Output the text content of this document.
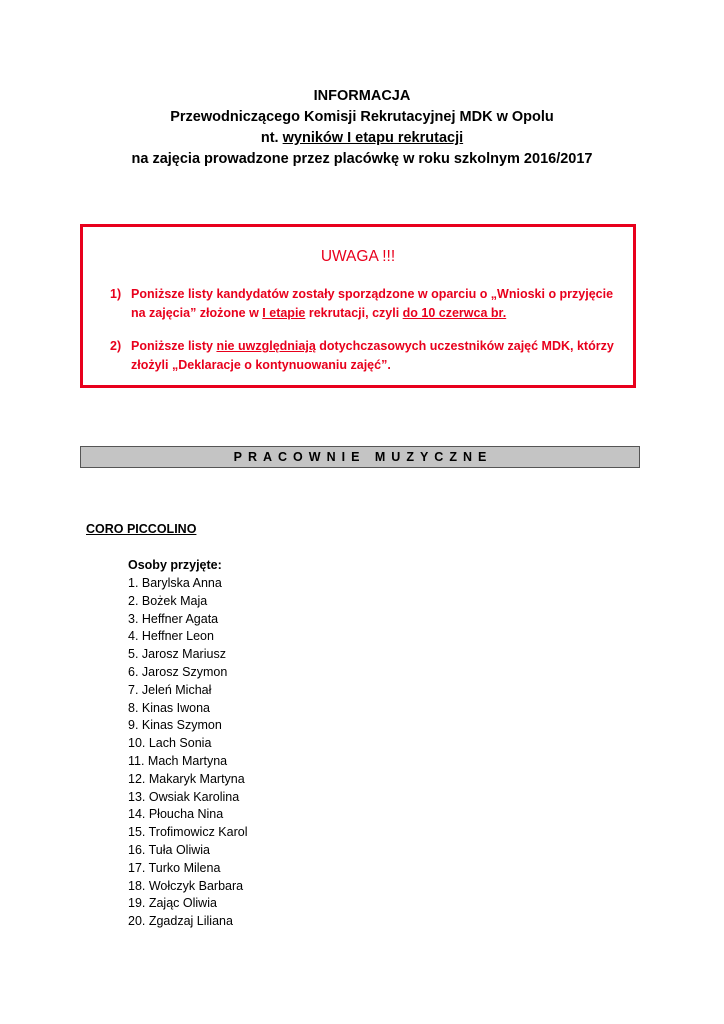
INFORMACJA
Przewodniczącego Komisji Rekrutacyjnej MDK w Opolu
nt. wyników I etapu rekrutacji
na zajęcia prowadzone przez placówkę w roku szkolnym 2016/2017
UWAGA !!!
1) Poniższe listy kandydatów zostały sporządzone w oparciu o „Wnioski o przyjęcie na zajęcia” złożone w I etapie rekrutacji, czyli do 10 czerwca br.
2) Poniższe listy nie uwzględniają dotychczasowych uczestników zajęć MDK, którzy złożyli „Deklaracje o kontynuowaniu zajęć”.
PRACOWNIE MUZYCZNE
CORO PICCOLINO
Osoby przyjęte:
1. Barylska Anna
2. Bożek Maja
3. Heffner Agata
4. Heffner Leon
5. Jarosz Mariusz
6. Jarosz Szymon
7. Jeleń Michał
8. Kinas Iwona
9. Kinas Szymon
10. Lach Sonia
11. Mach Martyna
12. Makaryk Martyna
13. Owsiak Karolina
14. Płoucha Nina
15. Trofimowicz Karol
16. Tuła Oliwia
17. Turko Milena
18. Wołczyk Barbara
19. Zając Oliwia
20. Zgadzaj Liliana
